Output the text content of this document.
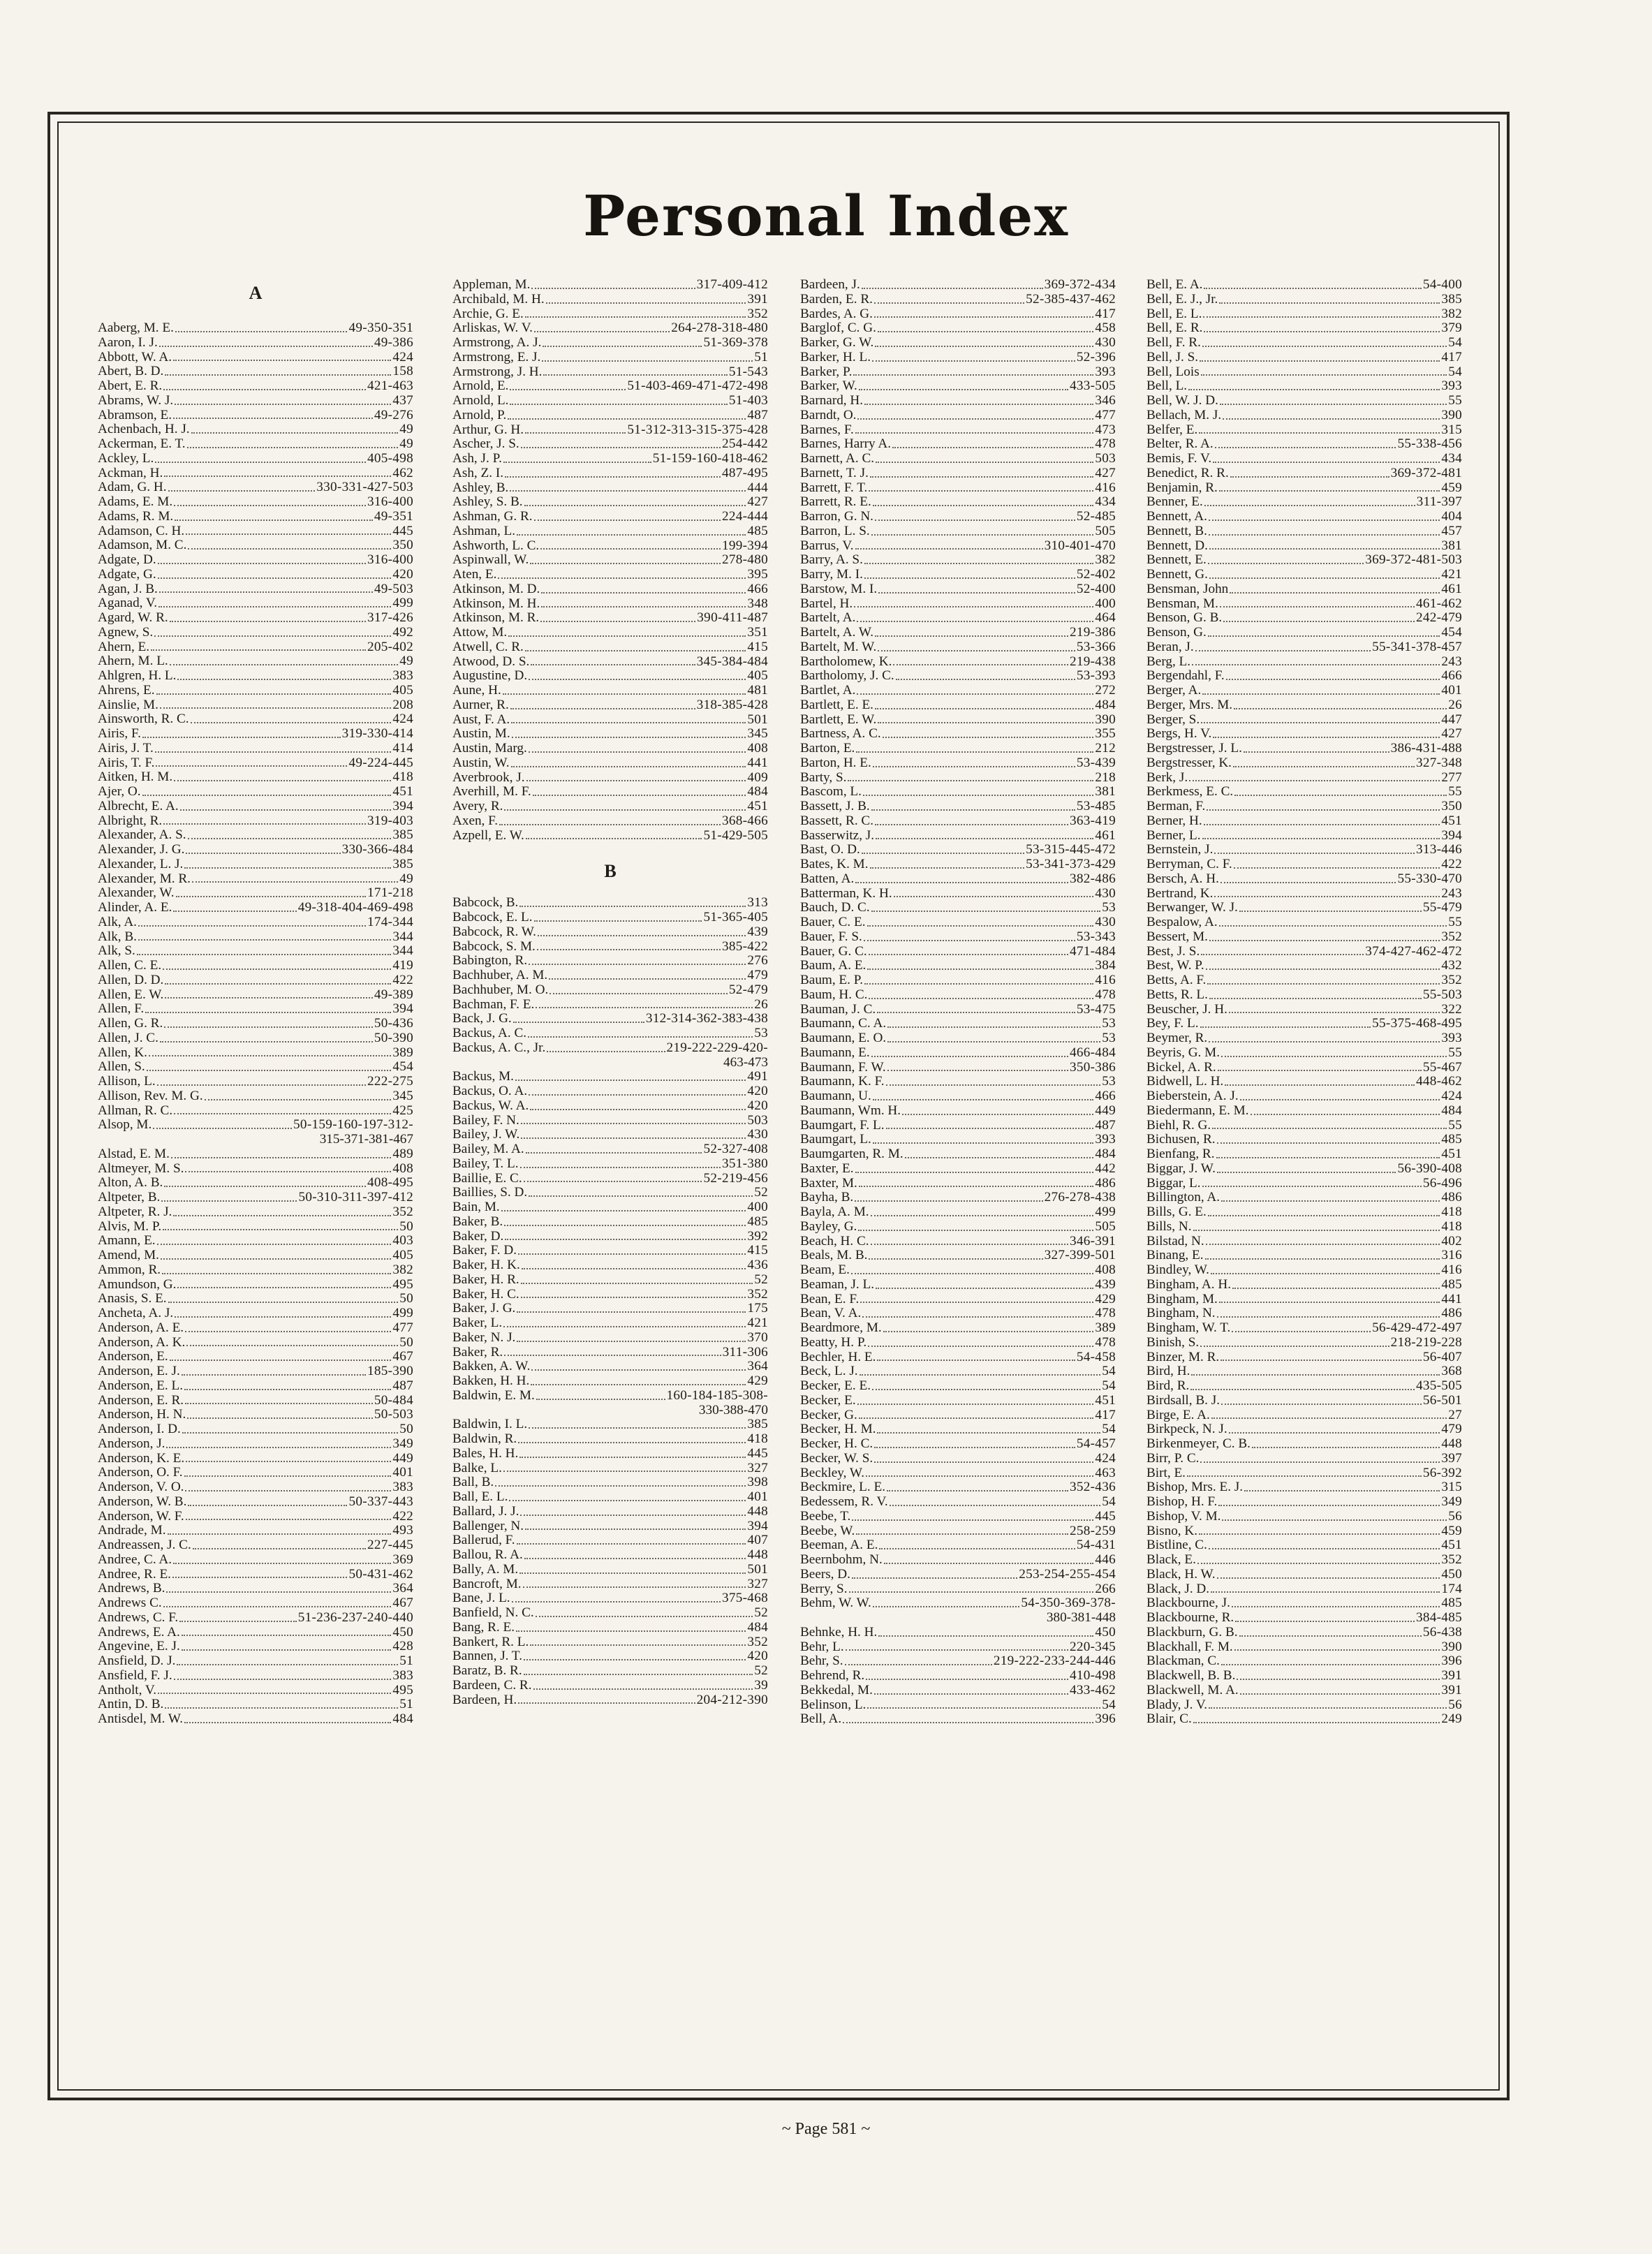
Personal Index
A
Aaberg, M. E.	49-350-351
Aaron, I. J.	49-386
Abbott, W. A.	424
Abert, B. D.	158
Abert, E. R.	421-463
Abrams, W. J.	437
Abramson, E.	49-276
Achenbach, H. J.	49
Ackerman, E. T.	49
Ackley, L.	405-498
Ackman, H.	462
Adam, G. H.	330-331-427-503
Adams, E. M.	316-400
Adams, R. M.	49-351
Adamson, C. H.	445
Adamson, M. C.	350
Adgate, D.	316-400
Adgate, G.	420
Agan, J. B.	49-503
Aganad, V.	499
Agard, W. R.	317-426
Agnew, S.	492
Ahern, E.	205-402
Ahern, M. L.	49
Ahlgren, H. L.	383
Ahrens, E.	405
Ainslie, M.	208
Ainsworth, R. C.	424
Airis, F.	319-330-414
Airis, J. T.	414
Airis, T. F.	49-224-445
Aitken, H. M.	418
Ajer, O.	451
Albrecht, E. A.	394
Albright, R.	319-403
Alexander, A. S.	385
Alexander, J. G.	330-366-484
Alexander, L. J.	385
Alexander, M. R.	49
Alexander, W.	171-218
Alinder, A. E.	49-318-404-469-498
Alk, A.	174-344
Alk, B.	344
Alk, S.	344
Allen, C. E.	419
Allen, D. D.	422
Allen, E. W.	49-389
Allen, F.	394
Allen, G. R.	50-436
Allen, J. C.	50-390
Allen, K.	389
Allen, S.	454
Allison, L.	222-275
Allison, Rev. M. G.	345
Allman, R. C.	425
Alsop, M.	50-159-160-197-312-
315-371-381-467
Alstad, E. M.	489
Altmeyer, M. S.	408
Alton, A. B.	408-495
Altpeter, B.	50-310-311-397-412
Altpeter, R. J.	352
Alvis, M. P.	50
Amann, E.	403
Amend, M.	405
Ammon, R.	382
Amundson, G.	495
Anasis, S. E.	50
Ancheta, A. J.	499
Anderson, A. E.	477
Anderson, A. K.	50
Anderson, E.	467
Anderson, E. J.	185-390
Anderson, E. L.	487
Anderson, E. R.	50-484
Anderson, H. N.	50-503
Anderson, I. D.	50
Anderson, J.	349
Anderson, K. E.	449
Anderson, O. F.	401
Anderson, V. O.	383
Anderson, W. B.	50-337-443
Anderson, W. F.	422
Andrade, M.	493
Andreassen, J. C.	227-445
Andree, C. A.	369
Andree, R. E.	50-431-462
Andrews, B.	364
Andrews C.	467
Andrews, C. F.	51-236-237-240-440
Andrews, E. A.	450
Angevine, E. J.	428
Ansfield, D. J.	51
Ansfield, F. J.	383
Antholt, V.	495
Antin, D. B.	51
Antisdel, M. W.	484
Appleman, M.	317-409-412
Archibald, M. H.	391
Archie, G. E.	352
Arliskas, W. V.	264-278-318-480
Armstrong, A. J.	51-369-378
Armstrong, E. J.	51
Armstrong, J. H.	51-543
Arnold, E.	51-403-469-471-472-498
Arnold, L.	51-403
Arnold, P.	487
Arthur, G. H.	51-312-313-315-375-428
Ascher, J. S.	254-442
Ash, J. P.	51-159-160-418-462
Ash, Z. I.	487-495
Ashley, B.	444
Ashley, S. B.	427
Ashman, G. R.	224-444
Ashman, L.	485
Ashworth, L. C.	199-394
Aspinwall, W.	278-480
Aten, E.	395
Atkinson, M. D.	466
Atkinson, M. H.	348
Atkinson, M. R.	390-411-487
Attow, M.	351
Atwell, C. R.	415
Atwood, D. S.	345-384-484
Augustine, D.	405
Aune, H.	481
Aurner, R.	318-385-428
Aust, F. A.	501
Austin, M.	345
Austin, Marg.	408
Austin, W.	441
Averbrook, J.	409
Averhill, M. F.	484
Avery, R.	451
Axen, F.	368-466
Azpell, E. W.	51-429-505
B
Babcock, B.	313
Babcock, E. L.	51-365-405
Babcock, R. W.	439
Babcock, S. M.	385-422
Babington, R.	276
Bachhuber, A. M.	479
Bachhuber, M. O.	52-479
Bachman, F. E.	26
Back, J. G.	312-314-362-383-438
Backus, A. C.	53
Backus, A. C., Jr.	219-222-229-420-
463-473
Backus, M.	491
Backus, O. A.	420
Backus, W. A.	420
Bailey, F. N.	503
Bailey, J. W.	430
Bailey, M. A.	52-327-408
Bailey, T. L.	351-380
Baillie, E. C.	52-219-456
Baillies, S. D.	52
Bain, M.	400
Baker, B.	485
Baker, D.	392
Baker, F. D.	415
Baker, H. K.	436
Baker, H. R.	52
Baker, H. C.	352
Baker, J. G.	175
Baker, L.	421
Baker, N. J.	370
Baker, R.	311-306
Bakken, A. W.	364
Bakken, H. H.	429
Baldwin, E. M.	160-184-185-308-
330-388-470
Baldwin, I. L.	385
Baldwin, R.	418
Bales, H. H.	445
Balke, L.	327
Ball, B.	398
Ball, E. L.	401
Ballard, J. J.	448
Ballenger, N.	394
Ballerud, F.	407
Ballou, R. A.	448
Bally, A. M.	501
Bancroft, M.	327
Bane, J. L.	375-468
Banfield, N. C.	52
Bang, R. E.	484
Bankert, R. L.	352
Bannen, J. T.	420
Baratz, B. R.	52
Bardeen, C. R.	39
Bardeen, H.	204-212-390
Bardeen, J.	369-372-434
Barden, E. R.	52-385-437-462
Bardes, A. G.	417
Barglof, C. G.	458
Barker, G. W.	430
Barker, H. L.	52-396
Barker, P.	393
Barker, W.	433-505
Barnard, H.	346
Barndt, O.	477
Barnes, F.	473
Barnes, Harry A.	478
Barnett, A. C.	503
Barnett, T. J.	427
Barrett, F. T.	416
Barrett, R. E.	434
Barron, G. N.	52-485
Barron, L. S.	505
Barrus, V.	310-401-470
Barry, A. S.	382
Barry, M. I.	52-402
Barstow, M. I.	52-400
Bartel, H.	400
Bartelt, A.	464
Bartelt, A. W.	219-386
Bartelt, M. W.	53-366
Bartholomew, K.	219-438
Bartholomy, J. C.	53-393
Bartlet, A.	272
Bartlett, E. E.	484
Bartlett, E. W.	390
Bartness, A. C.	355
Barton, E.	212
Barton, H. E.	53-439
Barty, S.	218
Bascom, L.	381
Bassett, J. B.	53-485
Bassett, R. C.	363-419
Basserwitz, J.	461
Bast, O. D.	53-315-445-472
Bates, K. M.	53-341-373-429
Batten, A.	382-486
Batterman, K. H.	430
Bauch, D. C.	53
Bauer, C. E.	430
Bauer, F. S.	53-343
Bauer, G. C.	471-484
Baum, A. E.	384
Baum, E. P.	416
Baum, H. C.	478
Bauman, J. C.	53-475
Baumann, C. A.	53
Baumann, E. O.	53
Baumann, E.	466-484
Baumann, F. W.	350-386
Baumann, K. F.	53
Baumann, U.	466
Baumann, Wm. H.	449
Baumgart, F. L.	487
Baumgart, L.	393
Baumgarten, R. M.	484
Baxter, E.	442
Baxter, M.	486
Bayha, B.	276-278-438
Bayla, A. M.	499
Bayley, G.	505
Beach, H. C.	346-391
Beals, M. B.	327-399-501
Beam, E.	408
Beaman, J. L.	439
Bean, E. F.	429
Bean, V. A.	478
Beardmore, M.	389
Beatty, H. P.	478
Bechler, H. E.	54-458
Beck, L. J.	54
Becker, E. E.	54
Becker, E.	451
Becker, G.	417
Becker, H. M.	54
Becker, H. C.	54-457
Becker, W. S.	424
Beckley, W.	463
Beckmire, L. E.	352-436
Bedessem, R. V.	54
Beebe, T.	445
Beebe, W.	258-259
Beeman, A. E.	54-431
Beernbohm, N.	446
Beers, D.	253-254-255-454
Berry, S.	266
Behm, W. W.	54-350-369-378-
380-381-448
Behnke, H. H.	450
Behr, L.	220-345
Behr, S.	219-222-233-244-446
Behrend, R.	410-498
Bekkedal, M.	433-462
Belinson, L.	54
Bell, A.	396
Bell, E. A.	54-400
Bell, E. J., Jr.	385
Bell, E. L.	382
Bell, E. R.	379
Bell, F. R.	54
Bell, J. S.	417
Bell, Lois	54
Bell, L.	393
Bell, W. J. D.	55
Bellach, M. J.	390
Belfer, E.	315
Belter, R. A.	55-338-456
Bemis, F. V.	434
Benedict, R. R.	369-372-481
Benjamin, R.	459
Benner, E.	311-397
Bennett, A.	404
Bennett, B.	457
Bennett, D.	381
Bennett, E.	369-372-481-503
Bennett, G.	421
Bensman, John	461
Bensman, M.	461-462
Benson, G. B.	242-479
Benson, G.	454
Beran, J.	55-341-378-457
Berg, L.	243
Bergendahl, F.	466
Berger, A.	401
Berger, Mrs. M.	26
Berger, S.	447
Bergs, H. V.	427
Bergstresser, J. L.	386-431-488
Bergstresser, K.	327-348
Berk, J.	277
Berkmess, E. C.	55
Berman, F.	350
Berner, H.	451
Berner, L.	394
Bernstein, J.	313-446
Berryman, C. F.	422
Bersch, A. H.	55-330-470
Bertrand, K.	243
Berwanger, W. J.	55-479
Bespalow, A.	55
Bessert, M.	352
Best, J. S.	374-427-462-472
Best, W. P.	432
Betts, A. F.	352
Betts, R. L.	55-503
Beuscher, J. H.	322
Bey, F. L.	55-375-468-495
Beymer, R.	393
Beyris, G. M.	55
Bickel, A. R.	55-467
Bidwell, L. H.	448-462
Bieberstein, A. J.	424
Biedermann, E. M.	484
Biehl, R. G.	55
Bichusen, R.	485
Bienfang, R.	451
Biggar, J. W.	56-390-408
Biggar, L.	56-496
Billington, A.	486
Bills, G. E.	418
Bills, N.	418
Bilstad, N.	402
Binang, E.	316
Bindley, W.	416
Bingham, A. H.	485
Bingham, M.	441
Bingham, N.	486
Bingham, W. T.	56-429-472-497
Binish, S.	218-219-228
Binzer, M. R.	56-407
Bird, H.	368
Bird, R.	435-505
Birdsall, B. J.	56-501
Birge, E. A.	27
Birkpeck, N. J.	479
Birkenmeyer, C. B.	448
Birr, P. C.	397
Birt, E.	56-392
Bishop, Mrs. E. J.	315
Bishop, H. F.	349
Bishop, V. M.	56
Bisno, K.	459
Bistline, C.	451
Black, E.	352
Black, H. W.	450
Black, J. D.	174
Blackbourne, J.	485
Blackbourne, R.	384-485
Blackburn, G. B.	56-438
Blackhall, F. M.	390
Blackman, C.	396
Blackwell, B. B.	391
Blackwell, M. A.	391
Blady, J. V.	56
Blair, C.	249
~ Page 581 ~
